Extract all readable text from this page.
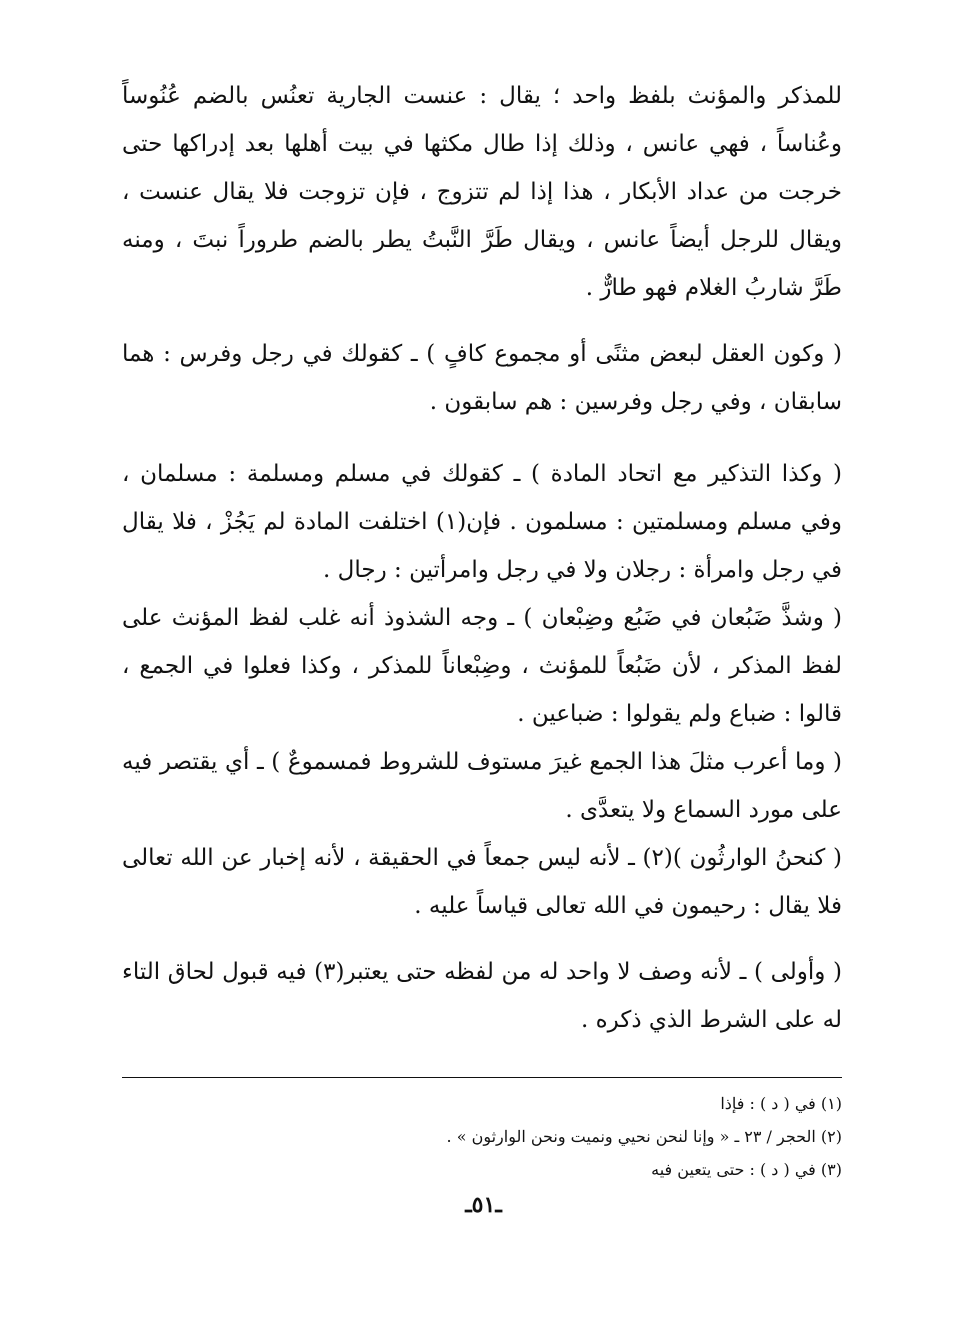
للمذكر والمؤنث بلفظ واحد ؛ يقال : عنست الجارية تعنُس بالضم عُنُوساً وعُناساً ، فهي عانس ، وذلك إذا طال مكثها في بيت أهلها بعد إدراكها حتى خرجت من عداد الأبكار ، هذا إذا لم تتزوج ، فإن تزوجت فلا يقال عنست ، ويقال للرجل أيضاً عانس ، ويقال طَرَّ النَّبتُ يطر بالضم طروراً نبتَ ، ومنه طَرَّ شاربُ الغلام فهو طارٌّ .

( وكون العقل لبعض مثنًى أو مجموع كافٍ ) ـ كقولك في رجل وفرس : هما سابقان ، وفي رجل وفرسين : هم سابقون .

( وكذا التذكير مع اتحاد المادة ) ـ كقولك في مسلم ومسلمة : مسلمان ، وفي مسلم ومسلمتين : مسلمون . فإن(١) اختلفت المادة لم يَجُزْ ، فلا يقال في رجل وامرأة : رجلان ولا في رجل وامرأتين : رجال .

( وشذَّ ضَبُعان في ضَبُع وضِبْعان ) ـ وجه الشذوذ أنه غلب لفظ المؤنث على لفظ المذكر ، لأن ضَبُعاً للمؤنث ، وضِبْعاناً للمذكر ، وكذا فعلوا في الجمع ، قالوا : ضباع ولم يقولوا : ضباعين .

( وما أعرب مثلَ هذا الجمع غيرَ مستوف للشروط فمسموعٌ ) ـ أي يقتصر فيه على مورد السماع ولا يتعدَّى .

( كنحنُ الوارثُون )(٢) ـ لأنه ليس جمعاً في الحقيقة ، لأنه إخبار عن الله تعالى فلا يقال : رحيمون في الله تعالى قياساً عليه .

( وأولى ) ـ لأنه وصف لا واحد له من لفظه حتى يعتبر(٣) فيه قبول لحاق التاء له على الشرط الذي ذكره .

(١) في ( د ) : فإذا

(٢) الحجر / ٢٣ ـ « وإنا لنحن نحيي ونميت ونحن الوارثون » .

(٣) في ( د ) : حتى يتعين فيه

ـ٥١ـ
